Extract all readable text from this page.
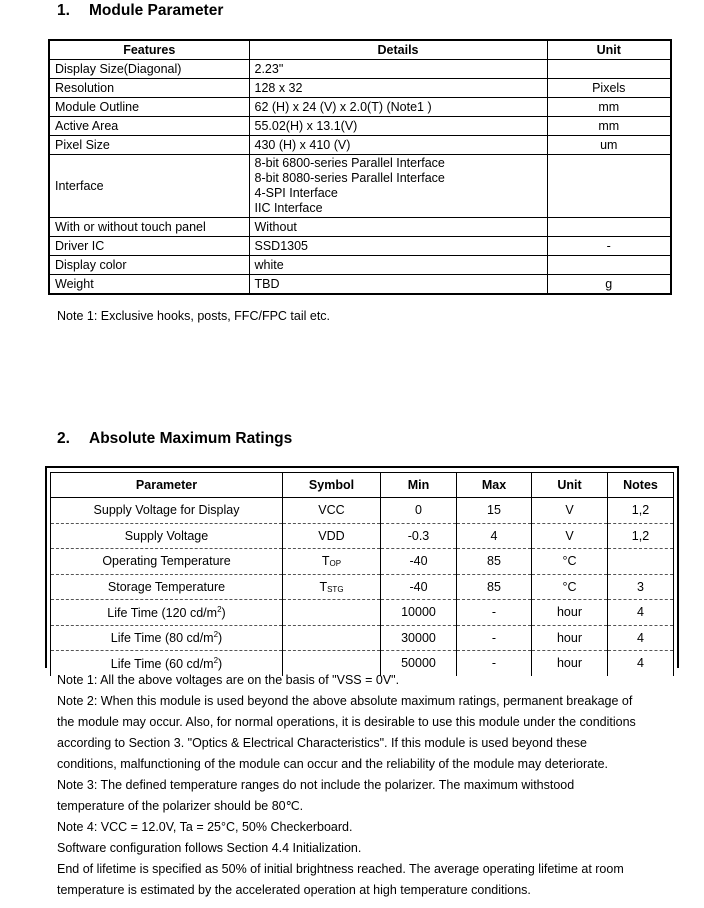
1. Module Parameter
Features	Details	Unit
Display Size(Diagonal)	2.23"	

Resolution	128 x 32	Pixels
Module Outline	62 (H) x 24 (V) x 2.0(T) (Note1 )	mm
Active Area	55.02(H) x 13.1(V)	mm
Pixel Size	430 (H) x 410 (V)	um
Interface	8-bit 6800-series Parallel Interface
8-bit 8080-series Parallel Interface
4-SPI Interface
IIC Interface	

With or without touch panel	Without	

Driver IC	SSD1305	-
Display color	white	

Weight	TBD	g
Note 1: Exclusive hooks, posts, FFC/FPC tail etc.
2. Absolute Maximum Ratings
Parameter	Symbol	Min	Max	Unit	Notes
Supply Voltage for Display	VCC	0	15	V	1,2
Supply Voltage	VDD	-0.3	4	V	1,2
Operating Temperature	TOP	-40	85	°C	
Storage Temperature	TSTG	-40	85	°C	3
Life Time (120 $cd/m^2$)		10000	-	hour	4
Life Time (80 $cd/m^2$)		30000	-	hour	4
Life Time (60 $cd/m^2$)		50000	-	hour	4
Note 1: All the above voltages are on the basis of "VSS = 0V".
Note 2: When this module is used beyond the above absolute maximum ratings, permanent breakage of
the module may occur. Also, for normal operations, it is desirable to use this module under the conditions
according to Section 3. "Optics & Electrical Characteristics". If this module is used beyond these
conditions, malfunctioning of the module can occur and the reliability of the module may deteriorate.
Note 3: The defined temperature ranges do not include the polarizer. The maximum withstood
temperature of the polarizer should be 80℃.
Note 4: VCC = 12.0V, Ta = 25°C, 50% Checkerboard.
Software configuration follows Section 4.4 Initialization.
End of lifetime is specified as 50% of initial brightness reached. The average operating lifetime at room
temperature is estimated by the accelerated operation at high temperature conditions.
